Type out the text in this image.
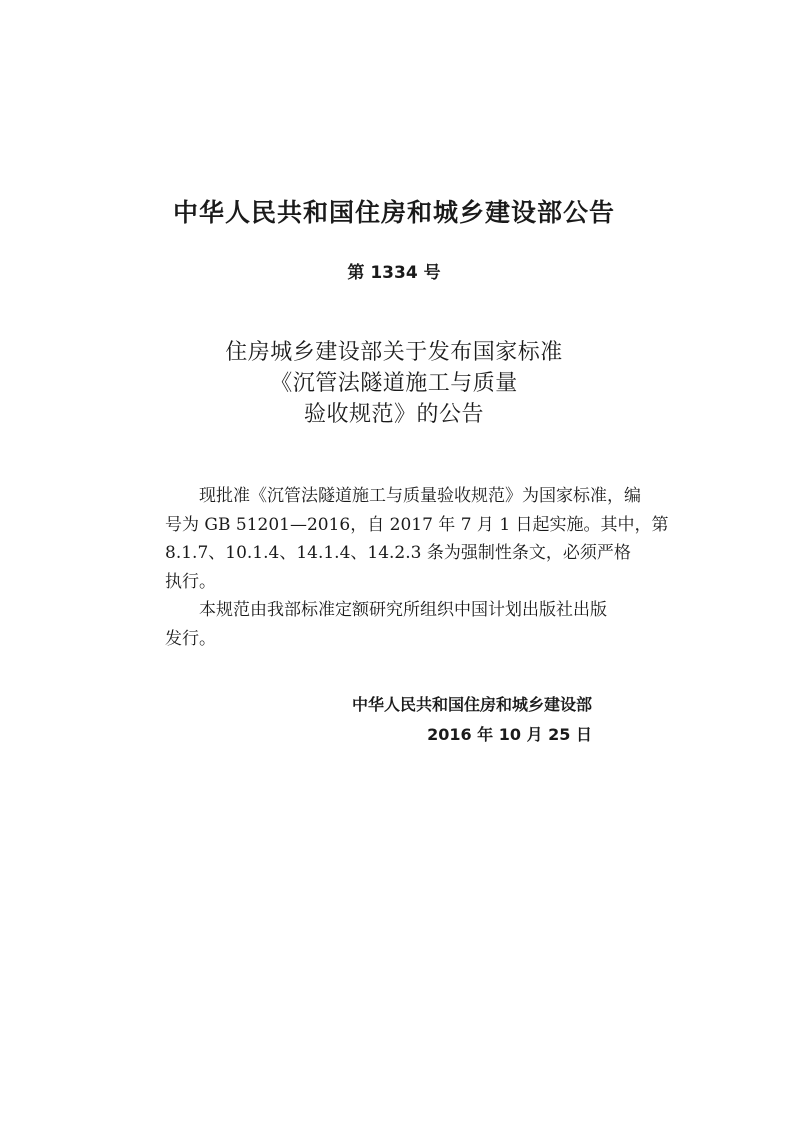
中华人民共和国住房和城乡建设部公告
第 1334 号
住房城乡建设部关于发布国家标准
《沉管法隧道施工与质量
验收规范》的公告
现批准《沉管法隧道施工与质量验收规范》为国家标准，编
号为 GB 51201—2016，自 2017 年 7 月 1 日起实施。其中，第
8.1.7、10.1.4、14.1.4、14.2.3 条为强制性条文，必须严格
执行。
本规范由我部标准定额研究所组织中国计划出版社出版
发行。
中华人民共和国住房和城乡建设部
2016 年 10 月 25 日
